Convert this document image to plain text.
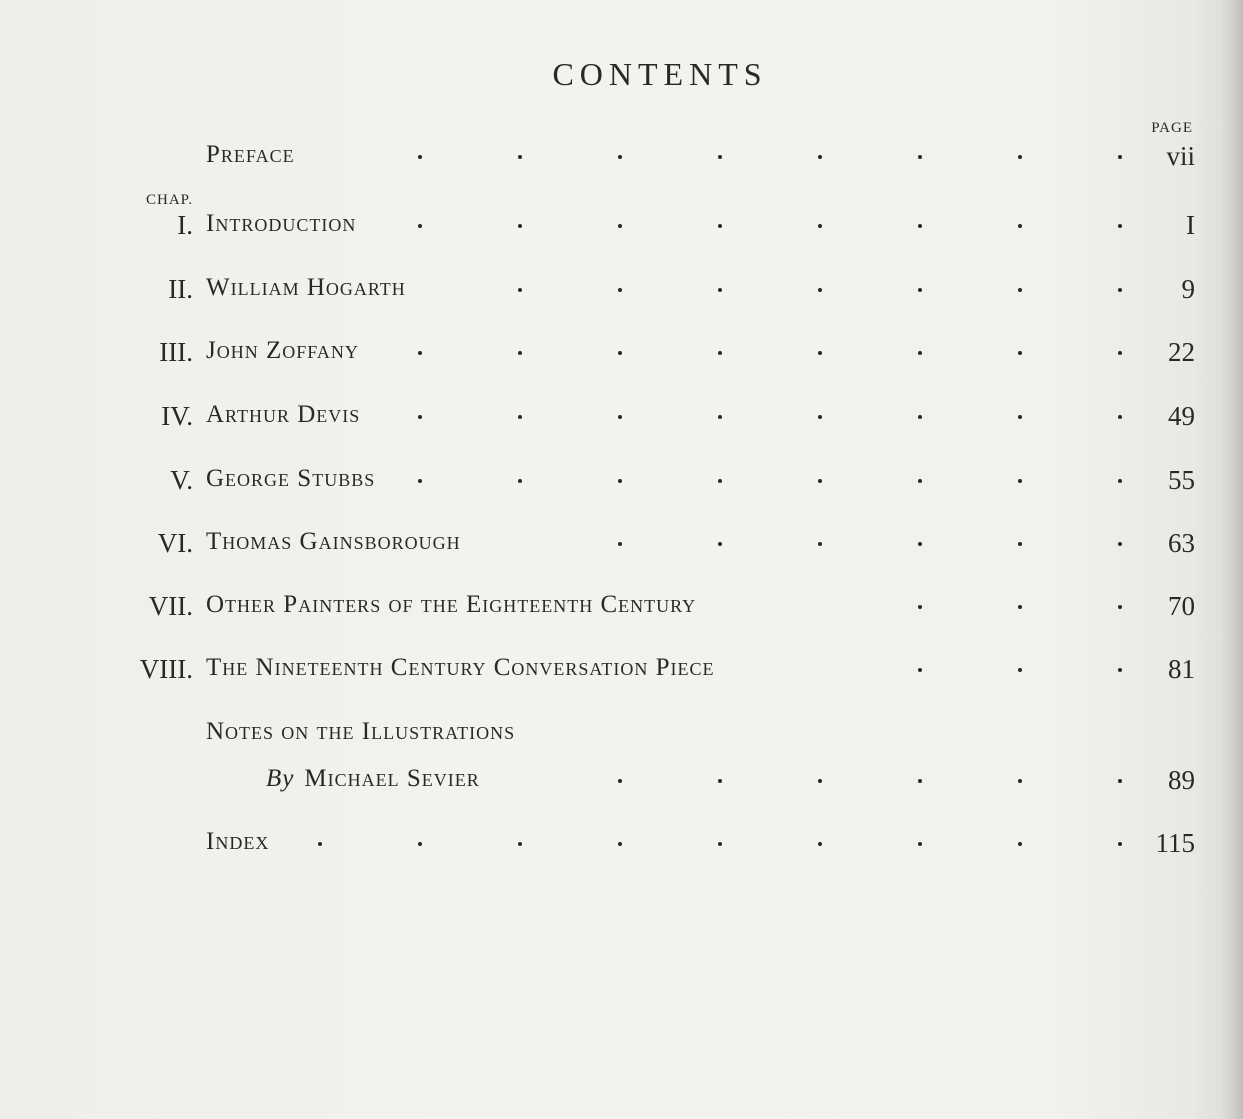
CONTENTS
PAGE
Preface	vii
CHAP.
I. Introduction	I
II. William Hogarth	9
III. John Zoffany	22
IV. Arthur Devis	49
V. George Stubbs	55
VI. Thomas Gainsborough	63
VII. Other Painters of the Eighteenth Century	70
VIII. The Nineteenth Century Conversation Piece	81
Notes on the Illustrations
By Michael Sevier	89
Index	115
